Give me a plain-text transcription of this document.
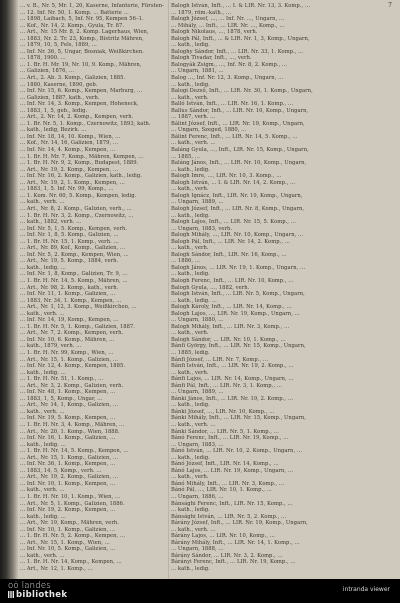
7
… v. B., Nr. 5, Mr. 1, 20, Kaserne, Infanterie, Fürsten-
… 12. Inf. Nr. 50, 1. Komp. … Batterie …
… 1898, Laibach, 5, Inf. Nr. 95, Kempen 56–1.
… Kof., Nr. 14, 2. Komp., Gyula, Tr. 87.
… Art., Nr. 15 Mr. 8, 2. Komp. Lagerhaus, Wien,
… 1883, Nr. 2. Tr. 23, Komp., Bistritz Mähren,
… 1879, 10, 5, Fels, 1889, …
… Inf. Nr. 36, 5, Ungar, Bosniak, Weißkirchen.
… 1878, 1900. …
… 1. Br. H. Mr. 19, Nr. 10, 9. Komp., Mähren,
… Galizien, 1876, …
… Art., 2. Ab. 3. Komp., Galizien, 1885.
… 1880, Kaserne, 1890, geb.
… Inf. Nr. 15, 6. Komp., Kempen, Marburg, …
… Galizien, 1887, kath., verh.
… Inf. Nr. 14, 3. Komp., Kempen, Hoheneck,
… 1883, 1, 5, geb., ledig.
… Art., 2. Nr. 14, 2. Komp., Kempen, verh.
… 1. Br. Nr. 5, 1. Komp., Czernowitz, 1893, kath.
… kath., ledig, Bezirk. …
… Inf. Nr. 18, 14, 10. Komp., Wien, …
… Kof., Nr. 14, 16, Galizien, 1879, …
… Inf. Nr. 14, 4. Komp., Kempen, …
… 1. Br. H. Mr. 7, Komp., Mähren, Kempen, …
… 1. Br. H. Nr. 9, 2, Komp., Budapest, 1889.
… Art., Nr. 19, 2. Komp., Kempen, …
… Inf. Nr. 16, 2. Komp., Galizien, kath., ledig.
… Art., Nr. 19, 2, 1. Komp., Kempen, …
… 1883, 1, 5. Inf. Nr. 99, Komp., …
… 1. Kom. Nr. 60, 5. Komp., Kempen, ledig.
… kath., verh. …
… Art., Nr. 8, 2. Komp., Galizien, verh., …
… 1. Br. H. Nr. 3, 2. Komp., Czernowitz, …
… kath., 1882, verh. …
… Inf. Nr. 5, 1, 5. Komp., Kempen, verh.
… Inf. Nr. 1, 8, 5. Komp., Galizien, …
… 1. Br. H. Nr. 15, 1. Komp., verh. …
… Art., Nr. 89, Kof., Komp., Galizien, …
… Inf. Nr. 5, 2. Komp., Kempen, Wien, …
… Art., Nr. 19, 5. Komp., 1884, verh.
… kath., ledig. …
… Inf. Nr. 1, 8, Komp., Galizien, Tr. 9, …
… 1. Br. H. Nr. 14, 5. Komp., Mähren, …
… Art., Nr. 98, 2. Komp., kath., verh.
… Inf. Nr. 11, 1. Komp., Galizien, …
… 1883, Nr. 34, 1. Komp., Kempen, …
… Art., Nr. 1, 12, 3. Komp., Weißkirchen, …
… kath., verh. …
… Inf. Nr. 14, 19, Komp., Kempen, …
… 1. Br. H. Nr. 5, 1. Komp., Galizien, 1887.
… Art., Nr. 7, 2. Komp., Kempen, verh.
… Inf. Nr. 10, 6. Komp., Mähren, …
… kath., 1879, verh. …
… 1. Br. H. Nr. 99, Komp., Wien, …
… Art., Nr. 15, 1. Komp., Galizien, …
… Inf. Nr. 12, 4. Komp., Kempen, 1885.
… kath., ledig. …
… 1. Br. H. Nr. 51, 1. Komp., …
… Art., Nr. 3, 2. Komp., Galizien, verh.
… Inf. Nr. 48, 1. Komp., Kempen, …
… 1883, 1, 5, Komp., Ungar, …
… Art., Nr. 14, 1, Komp., Galizien, …
… kath., verh. …
… Inf. Nr. 19, 5. Komp., Kempen, …
… 1. Br. H. Nr. 3, 4. Komp., Mähren, …
… Art., Nr. 20, 1. Komp., Wien, 1888.
… Inf. Nr. 16, 1. Komp., Galizien, …
… kath., ledig. …
… 1. Br. H. Nr. 14, 5. Komp., Kempen, …
… Art., Nr. 15, 1. Komp., Galizien, …
… Inf. Nr. 36, 1. Komp., Kempen, …
… 1883, 14, 5, Komp., verh. …
… Art., Nr. 19, 2. Komp., Galizien, …
… Inf. Nr. 10, 1. Komp., Kempen, …
… kath., verh. …
… 1. Br. H. Nr. 10, 1. Komp., Wien, …
… Art., Nr. 5, 1. Komp., Galizien, 1886.
… Inf. Nr. 19, 2. Komp., Kempen, …
… kath., ledig. …
… Art., Nr. 19, Komp., Mähren, verh.
… Inf. Nr. 10, 1. Komp., Galizien, …
… 1. Br. H. Nr. 5, 2. Komp., Kempen, …
… Art., Nr. 15, 1. Komp., Wien, …
… Inf. Nr. 10, 5. Komp., Galizien, …
… kath., verh. …
… 1. Br. H. Nr. 14, Komp., Kempen, …
… Art., Nr. 12, 1. Komp., …
Balogh István, Inft., … I. & LIR. Nr. 13, 3. Komp., …
… 1879, röm.-kath., …
Balogh József, …, … Inf. Nr. …, Ungarn, …
… Mihály, … Inft., … LIR. Nr. …, Komp., …
Balogh Nikolaus, …, 1878, verh.
Balogh Pál, Inft., … & LIR. Nr. 1, 3, Komp., Ungarn,
… kath., ledig.
Baloghy Sándor, Inft., … LIR. Nr. 33, 1. Komp., …
Balogh Tivadar, Inft., …, verh.
Balogyák Zsigm., …, Inf. Nr. 8, 2. Komp., …
… Ungarn, 1881, …
Balog …, Inf. Nr. 12, 3. Komp., Ungarn, …
… kath., ledig.
Balogi Dezső, Inft., … LIR. Nr. 30, 1. Komp., Ungarn,
… kath., verh.
Balló István, Inft., … LIR. Nr. 16, 1. Komp., …
Ballus Sándor, Inft., … LIR. Nr. 10, Komp., Ungarn,
… 1887, verh. …
Bálint József, Inft., … LIR. Nr. 19, Komp., Ungarn,
… Ungarn, Szeged, 1880, …
Bálint Ferenc, Inft., … LIR. Nr. 14, 5. Komp., …
… kath., verh. …
Baláng Gyula, …, Inft., LIR. Nr. 15, Komp., Ungarn,
… 1885, …
Baláng János, Inft., … LIR. Nr. 10, Komp., Ungarn,
… kath., ledig.
Balogh Imre, …, LIR. Nr. 10, 3. Komp., …
Balogh István, … I. & LIR. Nr. 14, 2. Komp., …
… kath., verh.
Balogh Ignácz, Inft., LIR. Nr. 19, Komp., Ungarn,
… Ungarn, 1889, …
Balogh József, Inft., … LIR. Nr. 8, Komp., Ungarn,
… kath., ledig.
Balogh Lajos, Inft., … LIR. Nr. 15, 5. Komp., …
… Ungarn, 1883, verh.
Balogh Mihály, …, LIR. Nr. 10, Komp., Ungarn, …
Balogh Pál, Inft., … LIR. Nr. 14, 2. Komp., …
… kath., verh.
Balogh Sándor, Inft., LIR. Nr. 16, Komp., …
… 1886, …
Balogh János, … LIR. Nr. 19, 1. Komp., Ungarn, …
… kath., ledig.
Balogh Ferenc, Inft., … LIR. Nr. 10, Komp., …
Balogh Gyula, …, 1882, verh.
Balogh István, Inft., … LIR. Nr. 5, Komp., Ungarn,
… kath., ledig. …
Balogh Károly, Inft., … LIR. Nr. 14, Komp., …
Balogh Lajos, …, LIR. Nr. 19, Komp., Ungarn, …
… Ungarn, 1880, …
Balogh Mihály, Inft., … LIR. Nr. 3, Komp., …
… kath., verh.
Balogh Sándor, … LIR. Nr. 10, 1. Komp., …
Bánfi György, Inft., … LIR. Nr. 15, Komp., Ungarn,
… 1885, ledig.
Bánfi József, … LIR. Nr. 7, Komp., …
Bánfi István, Inft., … LIR. Nr. 19, 2. Komp., …
… kath., verh.
Bánfi Lajos, … LIR. Nr. 14, Komp., Ungarn, …
Bánfi Pál, Inft., … LIR. Nr. 3, 1. Komp., …
… Ungarn, 1889, …
Bánki János, Inft., … LIR. Nr. 19, 2. Komp., …
… kath., ledig.
Bánki József, …, LIR. Nr. 10, Komp., …
Bánki Mihály, Inft., … LIR. Nr. 15, Komp., Ungarn,
… kath., verh. …
Bánki Sándor, … LIR. Nr. 5, 1. Komp., …
Bánó Ferenc, Inft., … LIR. Nr. 19, Komp., …
… Ungarn, 1883, …
Bánó István, … LIR. Nr. 10, 2. Komp., Ungarn, …
… kath., ledig.
Bánó József, Inft., LIR. Nr. 14, Komp., …
Bánó Lajos, … LIR. Nr. 19, Komp., Ungarn, …
… kath., verh.
Bánó Mihály, Inft., … LIR. Nr. 3, Komp., …
Bánó Pál, …, LIR. Nr. 10, 1. Komp., …
… Ungarn, 1886, …
Bánsághi Ferenc, Inft., LIR. Nr. 15, Komp., …
… kath., ledig.
Bánsághi István, … LIR. Nr. 5, 2. Komp., …
Bárány József, Inft., … LIR. Nr. 19, Komp., Ungarn,
… kath., verh. …
Bárány Lajos, … LIR. Nr. 10, Komp., …
Bárány Mihály, Inft., … LIR. Nr. 14, 1. Komp., …
… Ungarn, 1888, …
Bárány Sándor, … LIR. Nr. 3, 2. Komp., …
Bárányi Ferenc, Inft., … LIR. Nr. 19, Komp., …
… kath., ledig.
oö landes
bibliothek
intranda viewer
